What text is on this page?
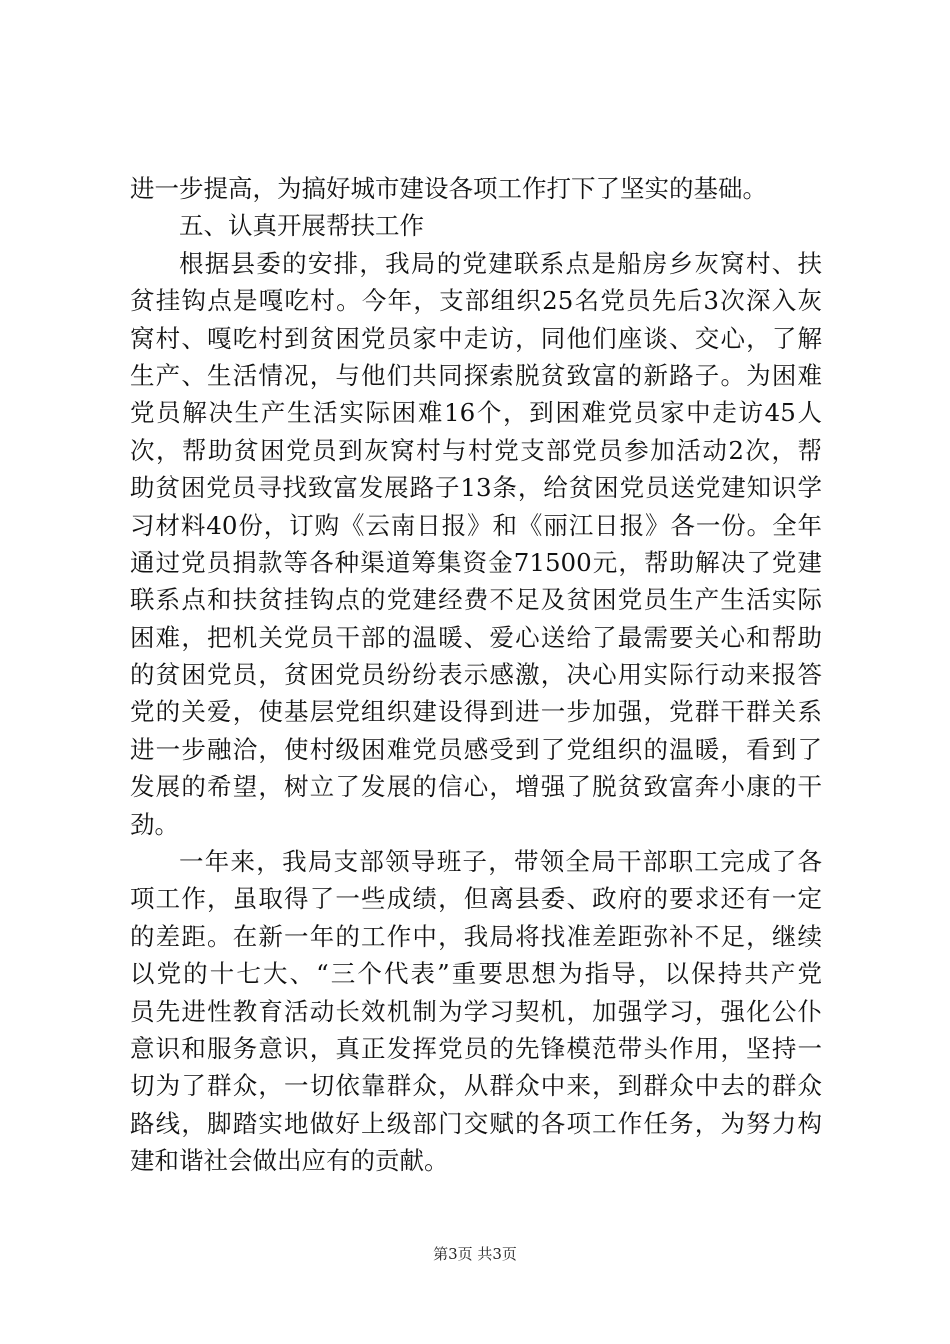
进一步提高，为搞好城市建设各项工作打下了坚实的基础。
五、认真开展帮扶工作
根据县委的安排，我局的党建联系点是船房乡灰窝村、扶
贫挂钩点是嘎吃村。今年，支部组织25名党员先后3次深入灰
窝村、嘎吃村到贫困党员家中走访，同他们座谈、交心，了解
生产、生活情况，与他们共同探索脱贫致富的新路子。为困难
党员解决生产生活实际困难16个，到困难党员家中走访45人
次，帮助贫困党员到灰窝村与村党支部党员参加活动2次，帮
助贫困党员寻找致富发展路子13条，给贫困党员送党建知识学
习材料40份，订购《云南日报》和《丽江日报》各一份。全年
通过党员捐款等各种渠道筹集资金71500元，帮助解决了党建
联系点和扶贫挂钩点的党建经费不足及贫困党员生产生活实际
困难，把机关党员干部的温暖、爱心送给了最需要关心和帮助
的贫困党员，贫困党员纷纷表示感激，决心用实际行动来报答
党的关爱，使基层党组织建设得到进一步加强，党群干群关系
进一步融洽，使村级困难党员感受到了党组织的温暖，看到了
发展的希望，树立了发展的信心，增强了脱贫致富奔小康的干
劲。
一年来，我局支部领导班子，带领全局干部职工完成了各
项工作，虽取得了一些成绩，但离县委、政府的要求还有一定
的差距。在新一年的工作中，我局将找准差距弥补不足，继续
以党的十七大、“三个代表”重要思想为指导，以保持共产党
员先进性教育活动长效机制为学习契机，加强学习，强化公仆
意识和服务意识，真正发挥党员的先锋模范带头作用，坚持一
切为了群众，一切依靠群众，从群众中来，到群众中去的群众
路线，脚踏实地做好上级部门交赋的各项工作任务，为努力构
建和谐社会做出应有的贡献。
第3页 共3页
